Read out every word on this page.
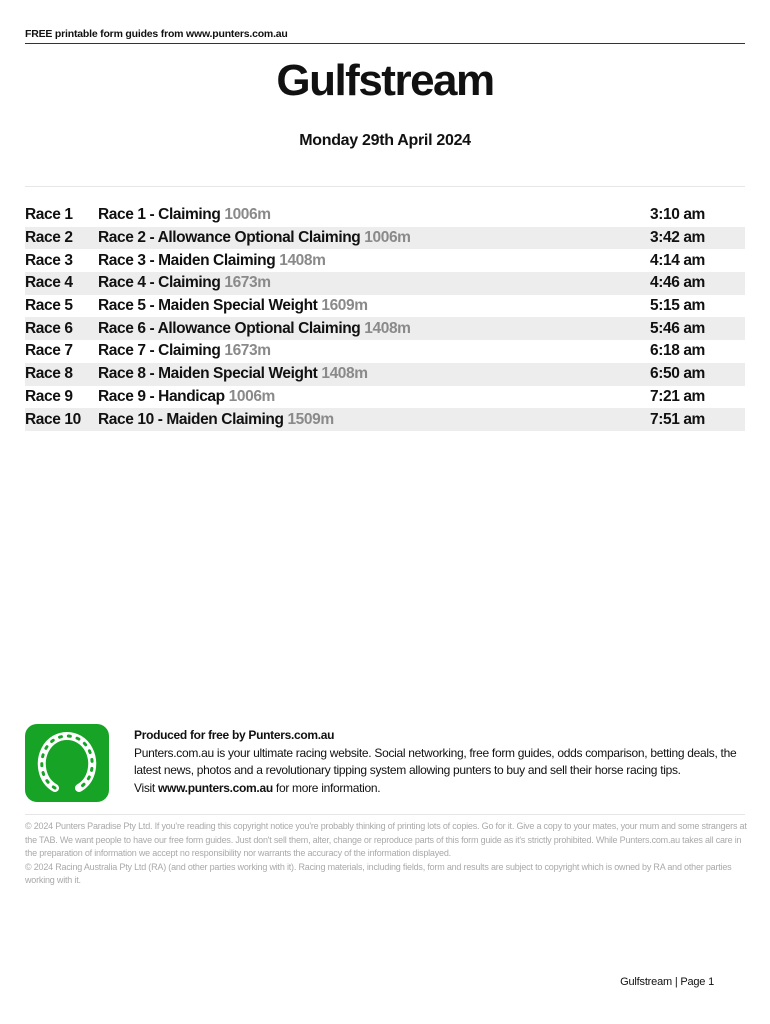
FREE printable form guides from www.punters.com.au
Gulfstream
Monday 29th April 2024
Race 1	Race 1 - Claiming 1006m	3:10 am
Race 2	Race 2 - Allowance Optional Claiming 1006m	3:42 am
Race 3	Race 3 - Maiden Claiming 1408m	4:14 am
Race 4	Race 4 - Claiming 1673m	4:46 am
Race 5	Race 5 - Maiden Special Weight 1609m	5:15 am
Race 6	Race 6 - Allowance Optional Claiming 1408m	5:46 am
Race 7	Race 7 - Claiming 1673m	6:18 am
Race 8	Race 8 - Maiden Special Weight 1408m	6:50 am
Race 9	Race 9 - Handicap 1006m	7:21 am
Race 10	Race 10 - Maiden Claiming 1509m	7:51 am
Produced for free by Punters.com.au
Punters.com.au is your ultimate racing website. Social networking, free form guides, odds comparison, betting deals, the latest news, photos and a revolutionary tipping system allowing punters to buy and sell their horse racing tips.
Visit www.punters.com.au for more information.
© 2024 Punters Paradise Pty Ltd. If you're reading this copyright notice you're probably thinking of printing lots of copies. Go for it. Give a copy to your mates, your mum and some strangers at the TAB. We want people to have our free form guides. Just don't sell them, alter, change or reproduce parts of this form guide as it's strictly prohibited. While Punters.com.au takes all care in the preparation of information we accept no responsibility nor warrants the accuracy of the information displayed.
© 2024 Racing Australia Pty Ltd (RA) (and other parties working with it). Racing materials, including fields, form and results are subject to copyright which is owned by RA and other parties working with it.
Gulfstream | Page 1
